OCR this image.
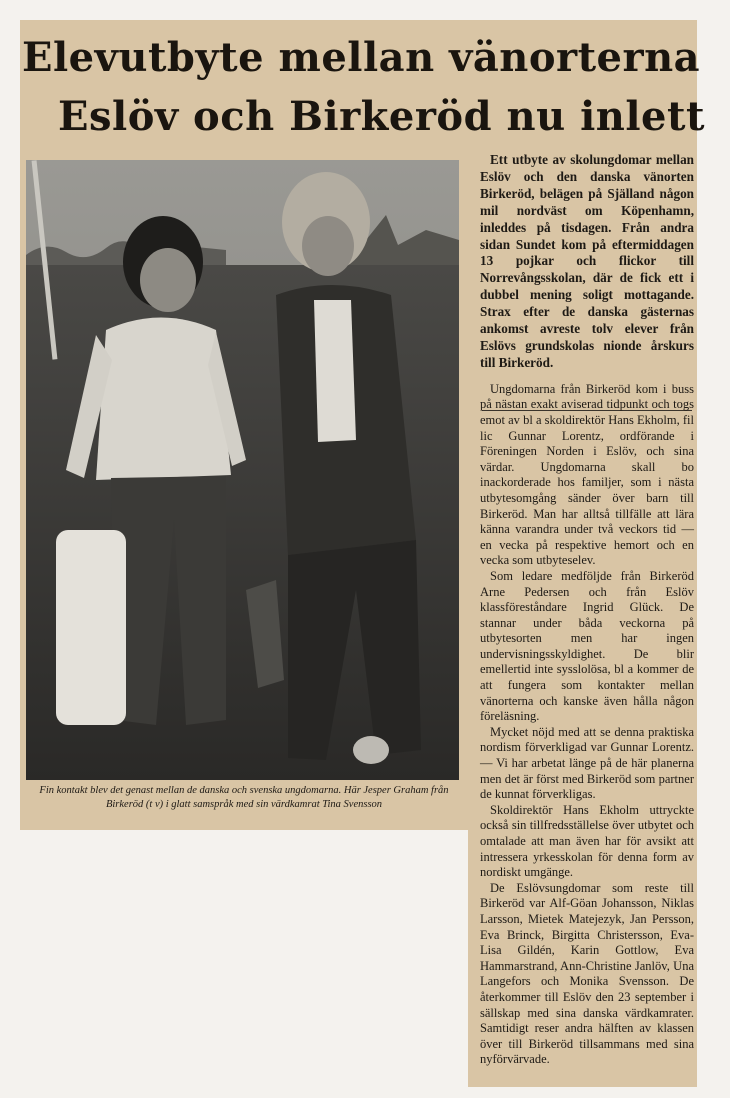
Elevutbyte mellan vänorterna
Eslöv och Birkeröd nu inlett
Fin kontakt blev det genast mellan de danska och svenska ungdomarna. Här Jesper Graham från Birkeröd (t v) i glatt samspråk med sin värdkamrat Tina Svensson

Ett utbyte av skolungdomar mellan Eslöv och den danska vänorten Birkeröd, belägen på Själland någon mil nordväst om Köpenhamn, inleddes på tisdagen. Från andra sidan Sundet kom på eftermiddagen 13 pojkar och flickor till Norrevångsskolan, där de fick ett i dubbel mening soligt mottagande. Strax efter de danska gästernas ankomst avreste tolv elever från Eslövs grundskolas nionde årskurs till Birkeröd.

Ungdomarna från Birkeröd kom i buss på nästan exakt aviserad tidpunkt och togs emot av bl a skoldirektör Hans Ekholm, fil lic Gunnar Lorentz, ordförande i Föreningen Norden i Eslöv, och sina värdar. Ungdomarna skall bo inackorderade hos familjer, som i nästa utbytesomgång sänder över barn till Birkeröd. Man har alltså tillfälle att lära känna varandra under två veckors tid — en vecka på respektive hemort och en vecka som utbyteselev.

Som ledare medföljde från Birkeröd Arne Pedersen och från Eslöv klassföreståndare Ingrid Glück. De stannar under båda veckorna på utbytesorten men har ingen undervisningsskyldighet. De blir emellertid inte sysslolösa, bl a kommer de att fungera som kontakter mellan vänorterna och kanske även hålla någon föreläsning.

Mycket nöjd med att se denna praktiska nordism förverkligad var Gunnar Lorentz. — Vi har arbetat länge på de här planerna men det är först med Birkeröd som partner de kunnat förverkligas.

Skoldirektör Hans Ekholm uttryckte också sin tillfredsställelse över utbytet och omtalade att man även har för avsikt att intressera yrkesskolan för denna form av nordiskt umgänge.

De Eslövsungdomar som reste till Birkeröd var Alf-Göan Johansson, Niklas Larsson, Mietek Matejezyk, Jan Persson, Eva Brinck, Birgitta Christersson, Eva-Lisa Gildén, Karin Gottlow, Eva Hammarstrand, Ann-Christine Janlöv, Una Langefors och Monika Svensson. De återkommer till Eslöv den 23 september i sällskap med sina danska värdkamrater. Samtidigt reser andra hälften av klassen över till Birkeröd tillsammans med sina nyförvärvade.
